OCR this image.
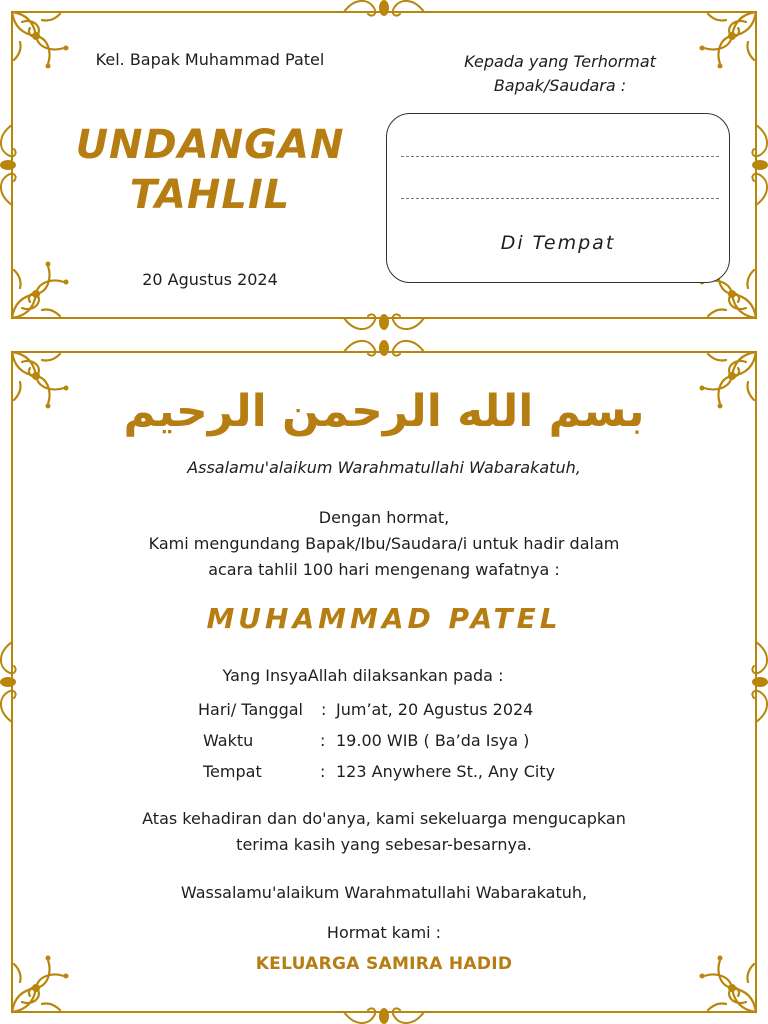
Kel. Bapak Muhammad Patel	Kepada yang Terhormat
Bapak/Saudara :
UNDANGAN
TAHLIL
20 Agustus 2024
Di Tempat
بسم الله الرحمن الرحيم
Assalamu'alaikum Warahmatullahi Wabarakatuh,
Dengan hormat,
Kami mengundang Bapak/Ibu/Saudara/i untuk hadir dalam
acara tahlil 100 hari mengenang wafatnya :
MUHAMMAD PATEL
Yang InsyaAllah dilaksankan pada :
Hari/ Tanggal : Jum’at, 20 Agustus 2024
Waktu	: 19.00 WIB ( Ba’da Isya )
Tempat	: 123 Anywhere St., Any City
Atas kehadiran dan do'anya, kami sekeluarga mengucapkan
terima kasih yang sebesar-besarnya.
Wassalamu'alaikum Warahmatullahi Wabarakatuh,
Hormat kami :
KELUARGA SAMIRA HADID
